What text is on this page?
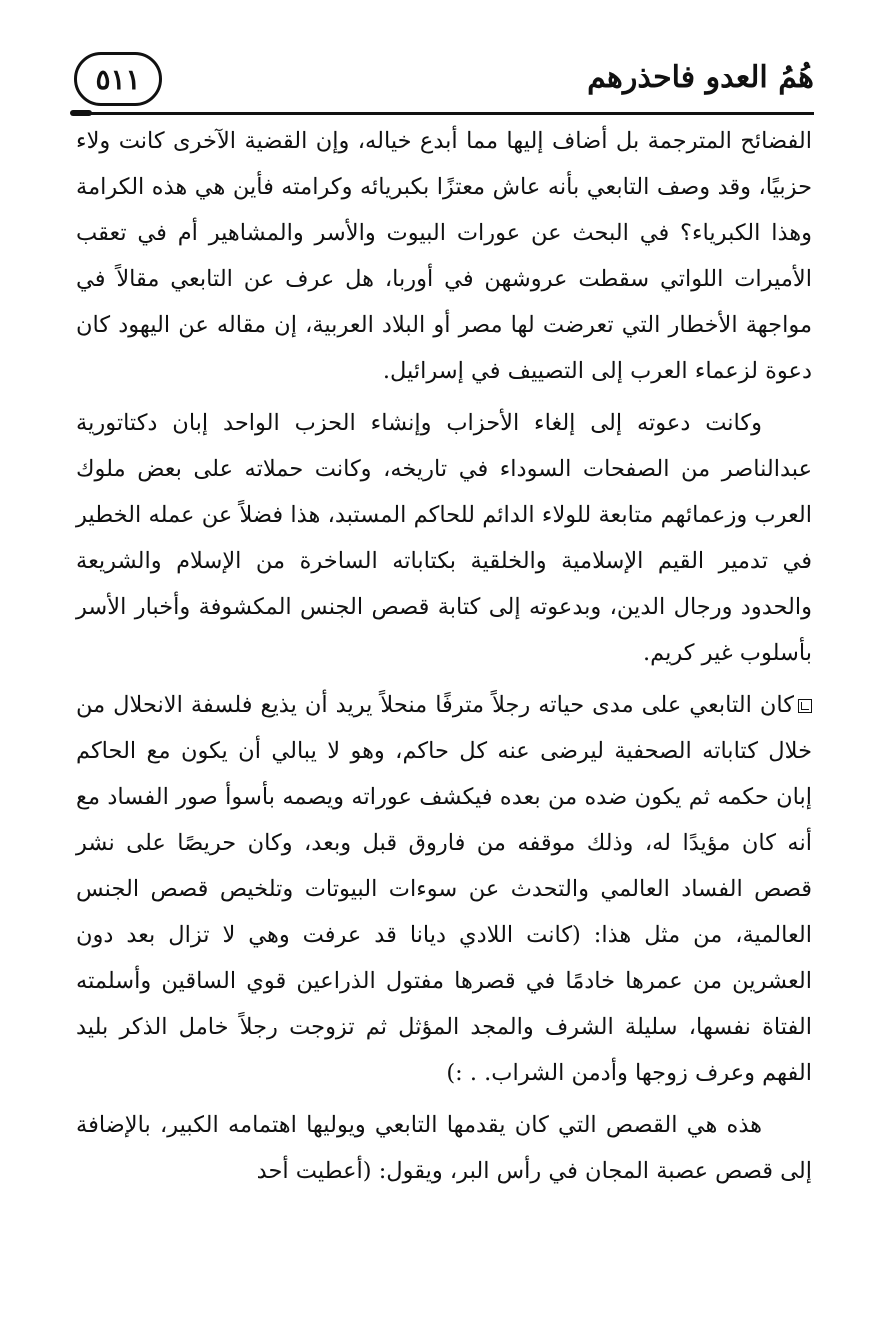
٥١١	هُمُ العدو فاحذرهم

الفضائح المترجمة بل أضاف إليها مما أبدع خياله، وإن القضية الآخرى كانت ولاء حزبيًا، وقد وصف التابعي بأنه عاش معتزًا بكبريائه وكرامته فأين هي هذه الكرامة وهذا الكبرياء؟ في البحث عن عورات البيوت والأسر والمشاهير أم في تعقب الأميرات اللواتي سقطت عروشهن في أوربا، هل عرف عن التابعي مقالاً في مواجهة الأخطار التي تعرضت لها مصر أو البلاد العربية، إن مقاله عن اليهود كان دعوة لزعماء العرب إلى التصييف في إسرائيل.

وكانت دعوته إلى إلغاء الأحزاب وإنشاء الحزب الواحد إبان دكتاتورية عبدالناصر من الصفحات السوداء في تاريخه، وكانت حملاته على بعض ملوك العرب وزعمائهم متابعة للولاء الدائم للحاكم المستبد، هذا فضلاً عن عمله الخطير في تدمير القيم الإسلامية والخلقية بكتاباته الساخرة من الإسلام والشريعة والحدود ورجال الدين، وبدعوته إلى كتابة قصص الجنس المكشوفة وأخبار الأسر بأسلوب غير كريم.

كان التابعي على مدى حياته رجلاً مترفًا منحلاً يريد أن يذيع فلسفة الانحلال من خلال كتاباته الصحفية ليرضى عنه كل حاكم، وهو لا يبالي أن يكون مع الحاكم إبان حكمه ثم يكون ضده من بعده فيكشف عوراته ويصمه بأسوأ صور الفساد مع أنه كان مؤيدًا له، وذلك موقفه من فاروق قبل وبعد، وكان حريصًا على نشر قصص الفساد العالمي والتحدث عن سوءات البيوتات وتلخيص قصص الجنس العالمية، من مثل هذا: (كانت اللادي ديانا قد عرفت وهي لا تزال بعد دون العشرين من عمرها خادمًا في قصرها مفتول الذراعين قوي الساقين وأسلمته الفتاة نفسها، سليلة الشرف والمجد المؤثل ثم تزوجت رجلاً خامل الذكر بليد الفهم وعرف زوجها وأدمن الشراب. . :)

هذه هي القصص التي كان يقدمها التابعي ويوليها اهتمامه الكبير، بالإضافة إلى قصص عصبة المجان في رأس البر، ويقول: (أعطيت أحد
